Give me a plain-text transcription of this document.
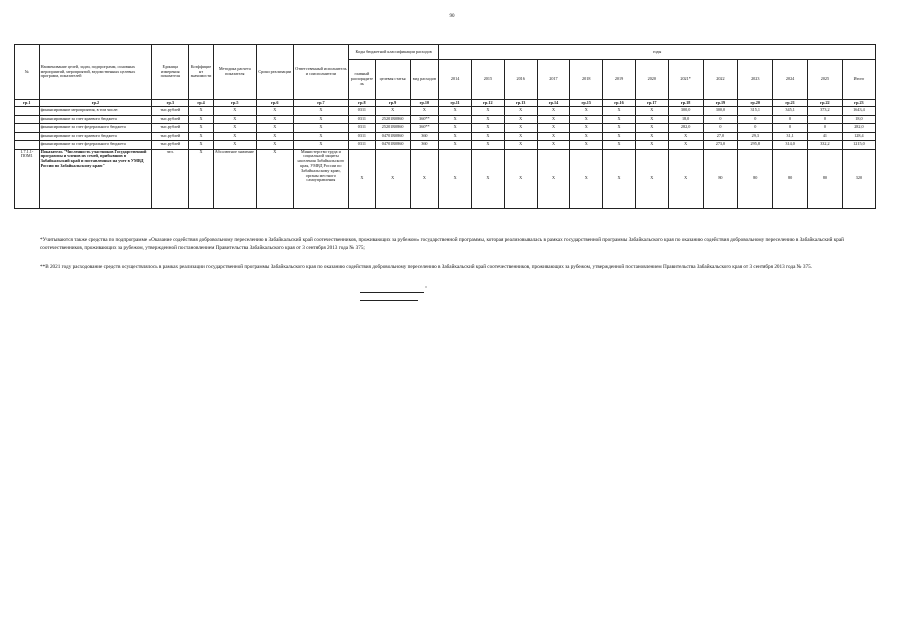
90
№	Наименование целей, задач, подпрограмм, основных мероприятий, мероприятий, ведомственных целевых программ, показателей	Единица измерения показателя	Коэффициент значимости	Методика расчета показателя	Сроки реализации	Ответственный исполнитель и соисполнители	Коды бюджетной классификации расходов			годы												
							главный распорядитель	целевая статья	вид расходов	2014	2015	2016	2017	2018	2019	2020	2021*	2022	2023	2024	2025	Итого
гр.1	гр.2	гр.3	гр.4	гр.5	гр.6	гр.7	гр.8	гр.9	гр.10	гр.11	гр.12	гр.13	гр.14	гр.15	гр.16	гр.17	гр.18	гр.19	гр.20	гр.21	гр.22	гр.23
	финансирование мероприятия, в том числе:	тыс.рублей	X	X	X	X	0311	X	X	X	X	X	X	X	X	X	300,0	300,0	315,1	345,1	373,2	1643,4
	финансирование за счет краевого бюджета	тыс.рублей	X	X	X	X	0311	25201R0860	360**	X	X	X	X	X	X	X	18,0	0	0	0	0	18,0
	финансирование за счет федерального бюджета	тыс.рублей	X	X	X	X	0311	25201R0860	360**	X	X	X	X	X	X	X	282,0	0	0	0	0	282,0
	финансирование за счет краевого бюджета	тыс.рублей	X	X	X	X	0311	04701R0860	360	X	X	X	X	X	X	X	X	27,0	29,3	31,1	41	128,4
	финансирование за счет федерального бюджета	тыс.рублей	X	X	X	X	0311	04701R0860	360	X	X	X	X	X	X	X	X	273,0	295,8	314,0	332,2	1215,0
1.7.1.1-ПОМ1	Показатель "Численность участников Государственной программы и членов их семей, прибывших в Забайкальский край и поставленных на учет в УМВД России по Забайкальскому краю"	чел.	X	Абсолютное значение	X	Министерство труда и социальной защиты населения Забайкальского края, УМВД России по Забайкальскому краю, органы местного самоуправления	X	X	X	X	X	X	X	X	X	X	X	80	80	80	80	320
*Учитываются также средства по подпрограмме «Оказание содействия добровольному переселению в Забайкальский край соотечественников, проживающих за рубежом» государственной программы, которая реализовывалась в рамках государственной программы Забайкальского края по оказанию содействия добровольному переселению в Забайкальский край соотечественников, проживающих за рубежом, утвержденной постановлением Правительства Забайкальского края от 3 сентября 2013 года № 375;
**В 2021 году расходование средств осуществлялось в рамках реализации государственной программы Забайкальского края по оказанию содействия добровольному переселению в Забайкальский край соотечественников, проживающих за рубежом, утвержденной постановлением Правительства Забайкальского края от 3 сентября 2013 года № 375.
"
